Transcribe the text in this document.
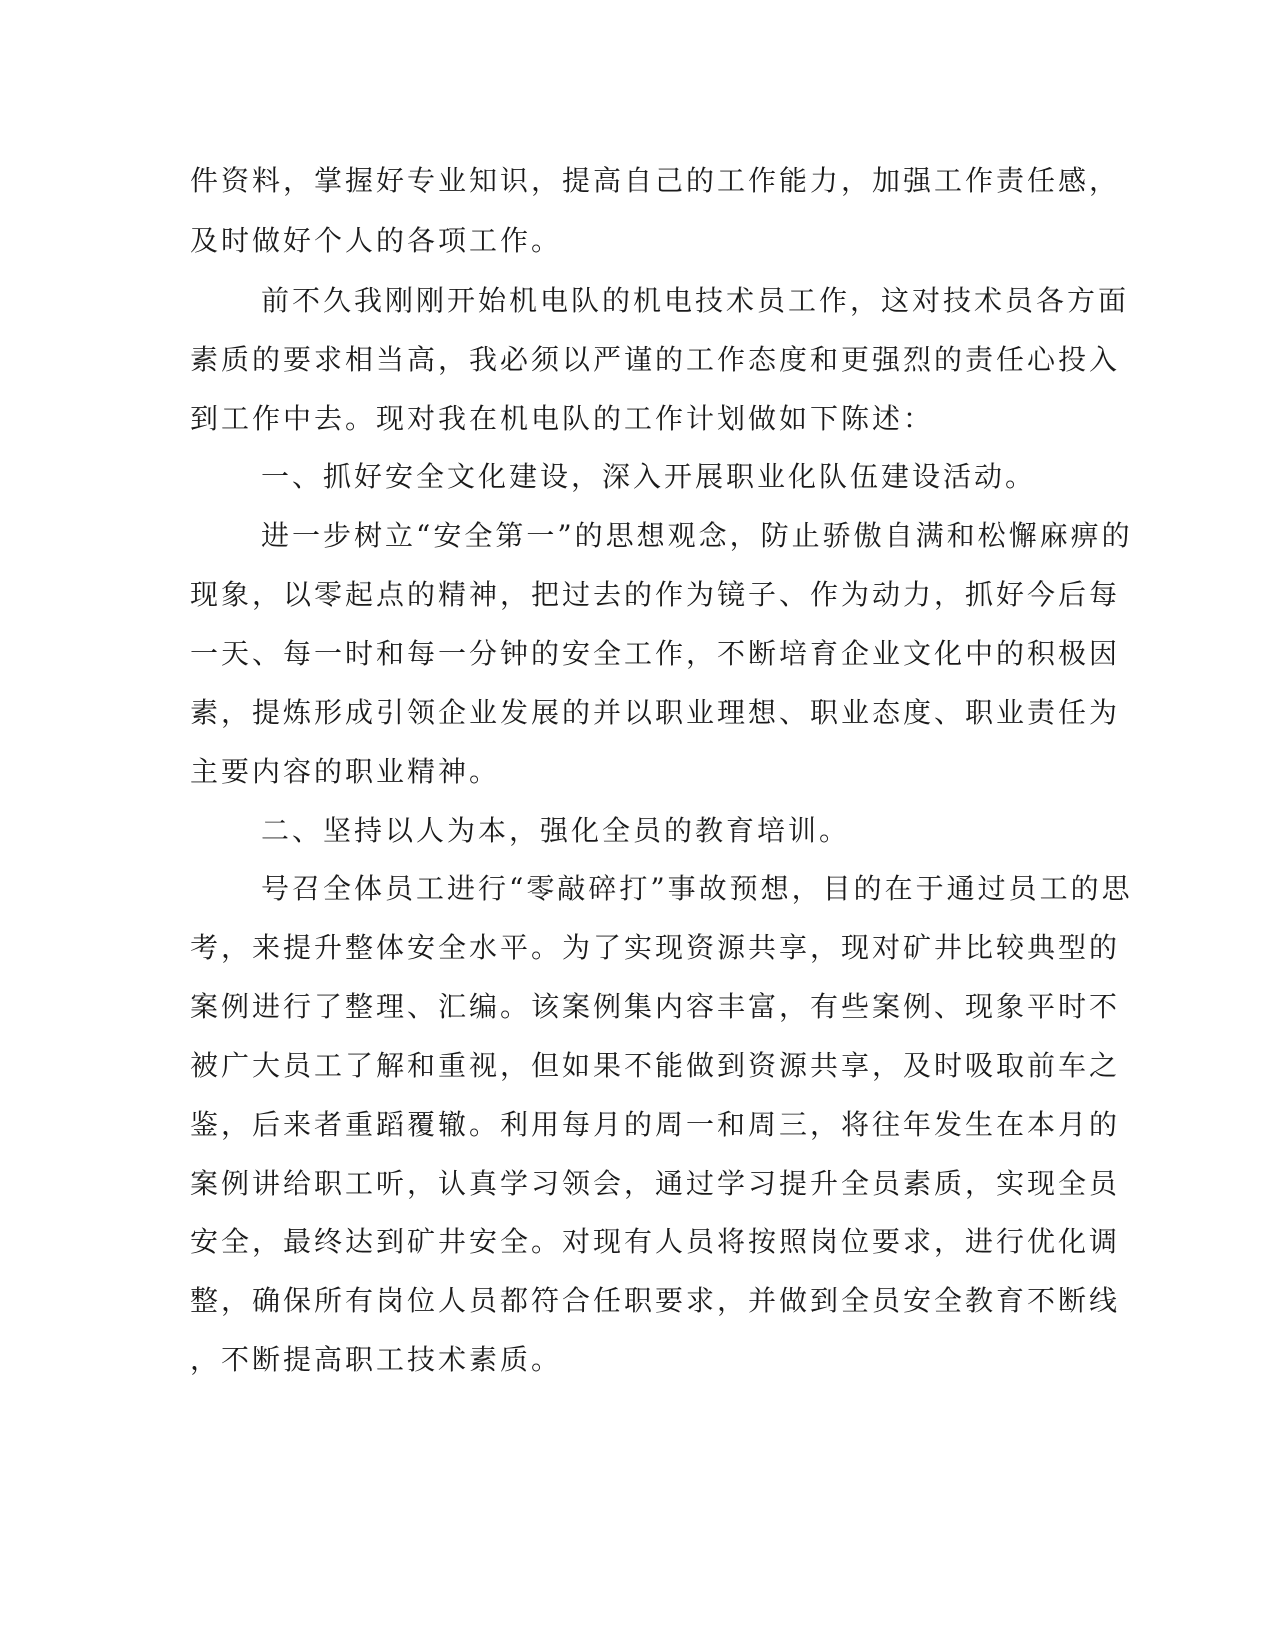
件资料，掌握好专业知识，提高自己的工作能力，加强工作责任感，
及时做好个人的各项工作。
前不久我刚刚开始机电队的机电技术员工作，这对技术员各方面
素质的要求相当高，我必须以严谨的工作态度和更强烈的责任心投入
到工作中去。现对我在机电队的工作计划做如下陈述：
一、抓好安全文化建设，深入开展职业化队伍建设活动。
进一步树立“安全第一”的思想观念，防止骄傲自满和松懈麻痹的
现象，以零起点的精神，把过去的作为镜子、作为动力，抓好今后每
一天、每一时和每一分钟的安全工作，不断培育企业文化中的积极因
素，提炼形成引领企业发展的并以职业理想、职业态度、职业责任为
主要内容的职业精神。
二、坚持以人为本，强化全员的教育培训。
号召全体员工进行“零敲碎打”事故预想，目的在于通过员工的思
考，来提升整体安全水平。为了实现资源共享，现对矿井比较典型的
案例进行了整理、汇编。该案例集内容丰富，有些案例、现象平时不
被广大员工了解和重视，但如果不能做到资源共享，及时吸取前车之
鉴，后来者重蹈覆辙。利用每月的周一和周三，将往年发生在本月的
案例讲给职工听，认真学习领会，通过学习提升全员素质，实现全员
安全，最终达到矿井安全。对现有人员将按照岗位要求，进行优化调
整，确保所有岗位人员都符合任职要求，并做到全员安全教育不断线
，不断提高职工技术素质。
